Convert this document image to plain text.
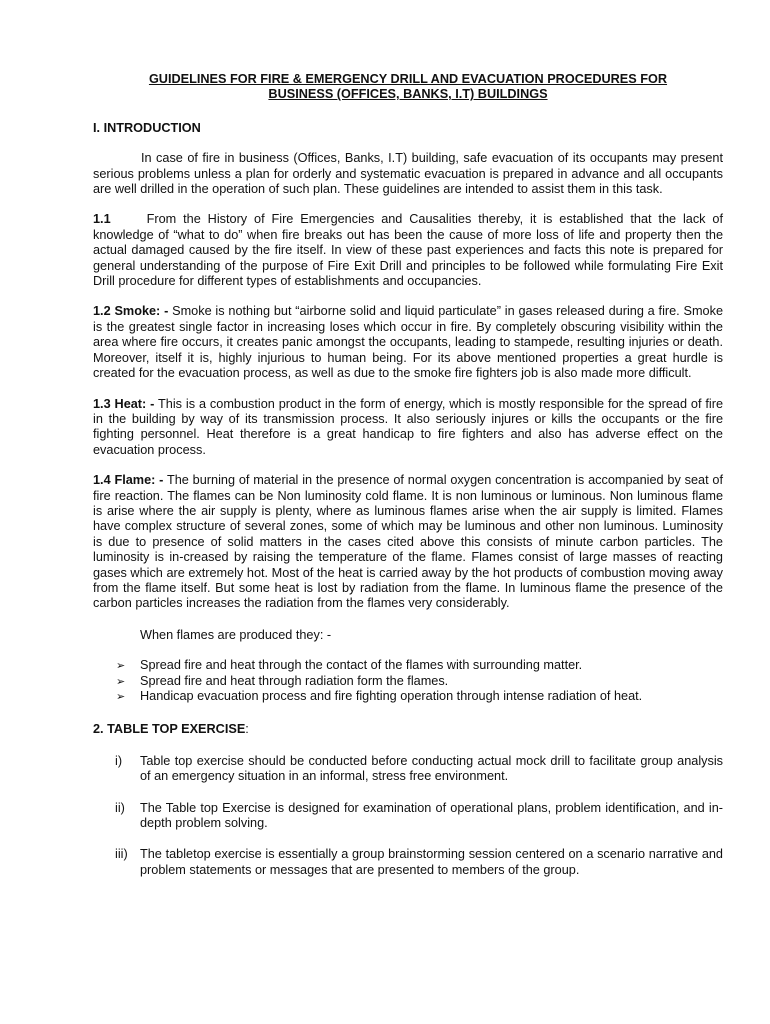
GUIDELINES FOR FIRE & EMERGENCY DRILL AND EVACUATION PROCEDURES FOR
BUSINESS (OFFICES, BANKS, I.T) BUILDINGS
I. INTRODUCTION

In case of fire in business (Offices, Banks, I.T) building, safe evacuation of its occupants may present serious problems unless a plan for orderly and systematic evacuation is prepared in advance and all occupants are well drilled in the operation of such plan. These guidelines are intended to assist them in this task.

1.1	From the History of Fire Emergencies and Causalities thereby, it is established that the lack of knowledge of “what to do” when fire breaks out has been the cause of more loss of life and property then the actual damaged caused by the fire itself. In view of these past experiences and facts this note is prepared for general understanding of the purpose of Fire Exit Drill and principles to be followed while formulating Fire Exit Drill procedure for different types of establishments and occupancies.

1.2 Smoke: - Smoke is nothing but “airborne solid and liquid particulate” in gases released during a fire. Smoke is the greatest single factor in increasing loses which occur in fire. By completely obscuring visibility within the area where fire occurs, it creates panic amongst the occupants, leading to stampede, resulting injuries or death. Moreover, itself it is, highly injurious to human being. For its above mentioned properties a great hurdle is created for the evacuation process, as well as due to the smoke fire fighters job is also made more difficult.

1.3 Heat: - This is a combustion product in the form of energy, which is mostly responsible for the spread of fire in the building by way of its transmission process. It also seriously injures or kills the occupants or the fire fighting personnel. Heat therefore is a great handicap to fire fighters and also has adverse effect on the evacuation process.

1.4 Flame: - The burning of material in the presence of normal oxygen concentration is accompanied by seat of fire reaction. The flames can be Non luminosity cold flame. It is non luminous or luminous. Non luminous flame is arise where the air supply is plenty, where as luminous flames arise when the air supply is limited. Flames have complex structure of several zones, some of which may be luminous and other non luminous. Luminosity is due to presence of solid matters in the cases cited above this consists of minute carbon particles. The luminosity is in-creased by raising the temperature of the flame. Flames consist of large masses of reacting gases which are extremely hot. Most of the heat is carried away by the hot products of combustion moving away from the flame itself. But some heat is lost by radiation from the flame. In luminous flame the presence of the carbon particles increases the radiation from the flames very considerably.

When flames are produced they: -

➢ Spread fire and heat through the contact of the flames with surrounding matter.
➢ Spread fire and heat through radiation form the flames.
➢ Handicap evacuation process and fire fighting operation through intense radiation of heat.
2. TABLE TOP EXERCISE:
i) Table top exercise should be conducted before conducting actual mock drill to facilitate group analysis of an emergency situation in an informal, stress free environment.
ii) The Table top Exercise is designed for examination of operational plans, problem identification, and in-depth problem solving.
iii) The tabletop exercise is essentially a group brainstorming session centered on a scenario narrative and problem statements or messages that are presented to members of the group.
